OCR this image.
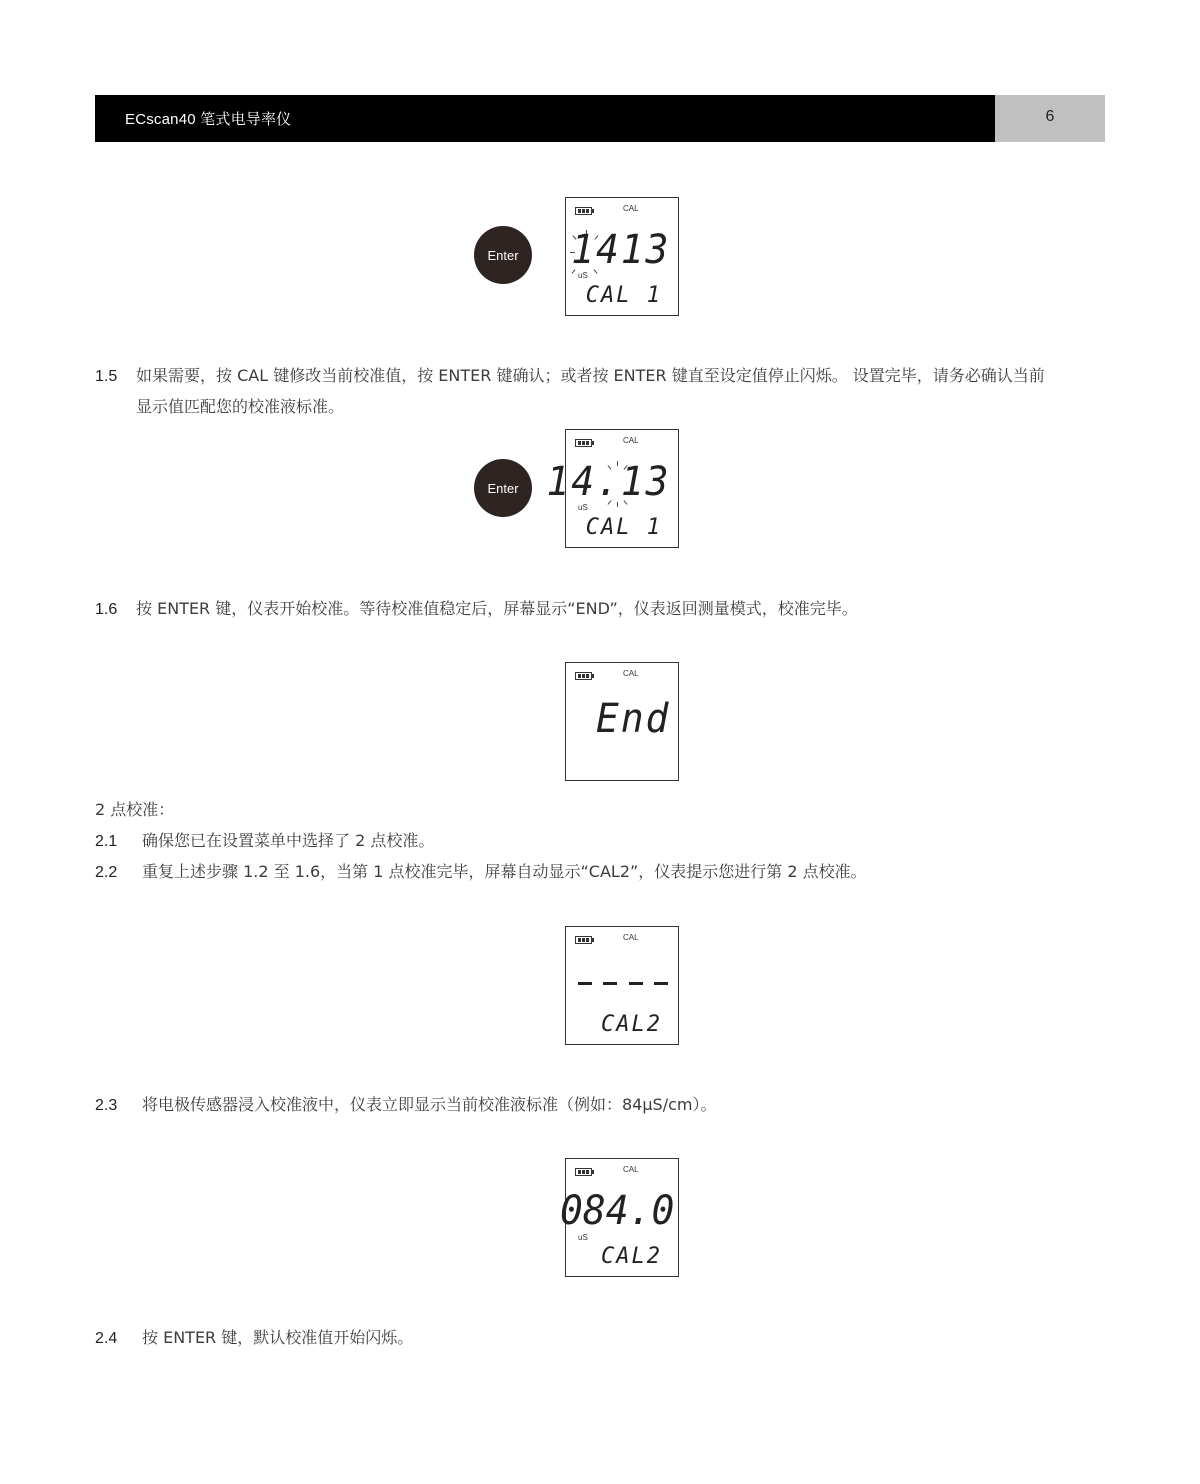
ECscan40 笔式电导率仪	6
Enter
CAL
1413
uS
CAL 1
1.5 如果需要，按 CAL 键修改当前校准值，按 ENTER 键确认；或者按 ENTER 键直至设定值停止闪烁。 设置完毕，请务必确认当前
显示值匹配您的校准液标准。
Enter
CAL
14.13
uS
CAL 1
1.6 按 ENTER 键，仪表开始校准。等待校准值稳定后，屏幕显示“END”，仪表返回测量模式，校准完毕。
CAL
End
2 点校准：
2.1 确保您已在设置菜单中选择了 2 点校准。
2.2 重复上述步骤 1.2 至 1.6，当第 1 点校准完毕，屏幕自动显示“CAL2”，仪表提示您进行第 2 点校准。
CAL
CAL2
2.3 将电极传感器浸入校准液中，仪表立即显示当前校准液标准（例如：84μS/cm）。
CAL
084.0
uS
CAL2
2.4 按 ENTER 键，默认校准值开始闪烁。
